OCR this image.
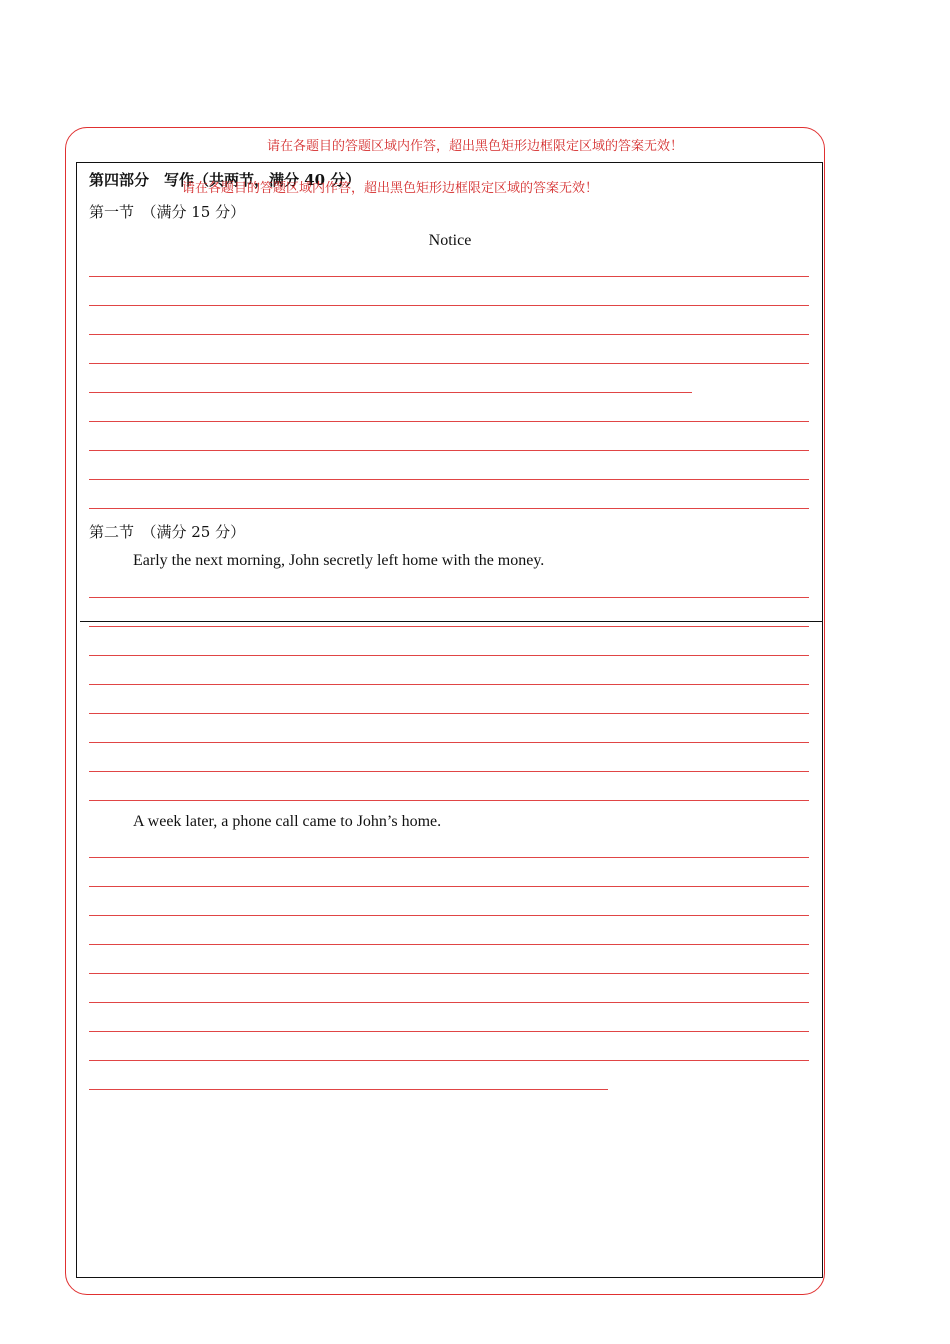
请在各题目的答题区域内作答，超出黑色矩形边框限定区域的答案无效！
第四部分　写作（共两节，满分 40 分）
请在各题目的答题区域内作答，超出黑色矩形边框限定区域的答案无效！
第一节　（满分 15 分）
Notice
第二节　（满分 25 分）
Early the next morning, John secretly left home with the money.
A week later, a phone call came to John’s home.
